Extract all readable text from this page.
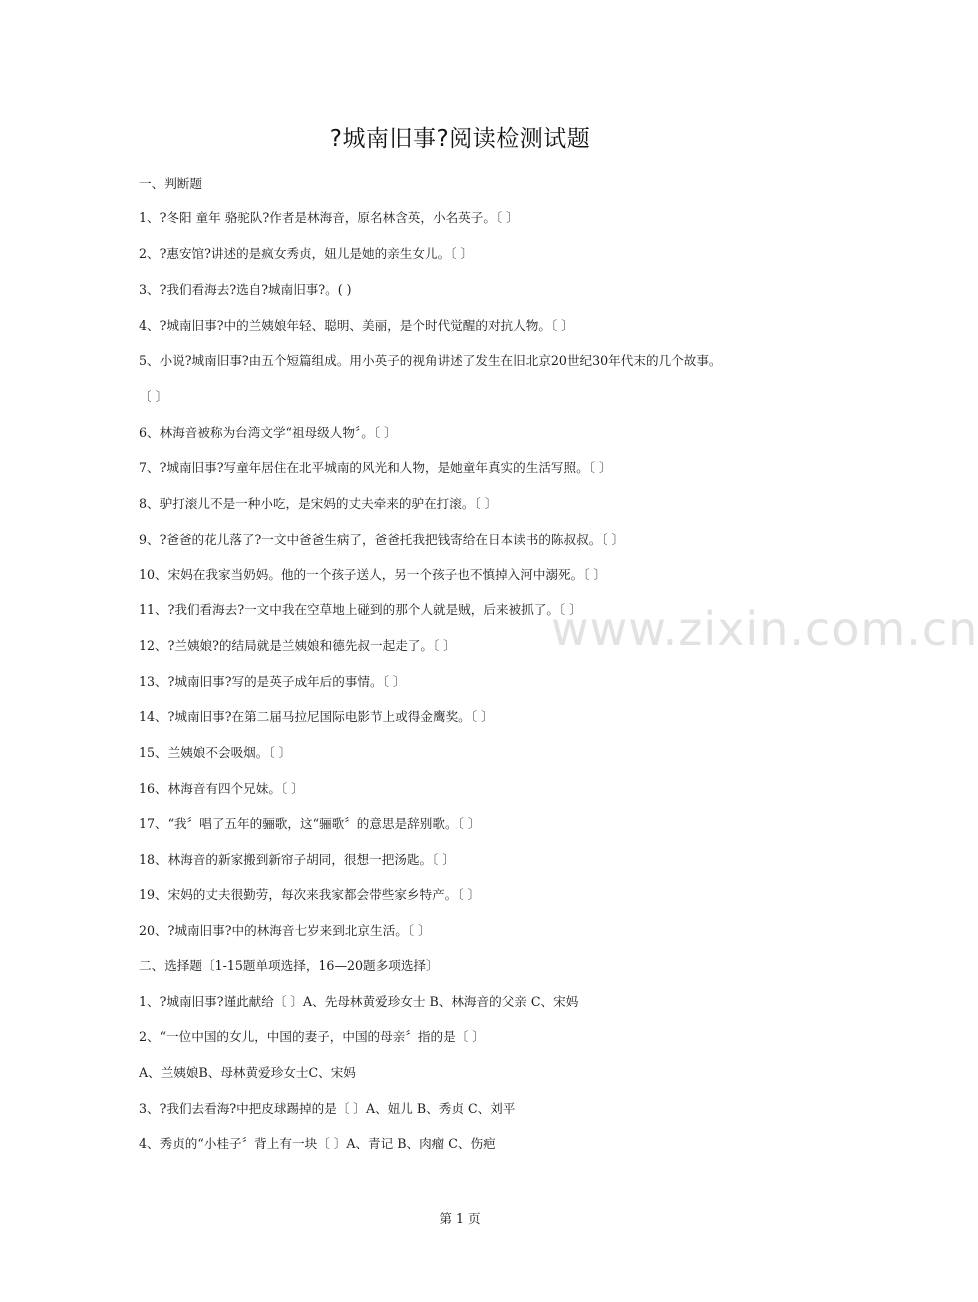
?城南旧事?阅读检测试题
一、判断题
1、?冬阳 童年 骆驼队?作者是林海音，原名林含英，小名英子。〔 〕
2、?惠安馆?讲述的是疯女秀贞，妞儿是她的亲生女儿。〔 〕
3、?我们看海去?选自?城南旧事?。( )
4、?城南旧事?中的兰姨娘年轻、聪明、美丽，是个时代觉醒的对抗人物。〔 〕
5、小说?城南旧事?由五个短篇组成。用小英子的视角讲述了发生在旧北京20世纪30年代末的几个故事。
〔 〕
6、林海音被称为台湾文学“祖母级人物〞。〔 〕
7、?城南旧事?写童年居住在北平城南的风光和人物，是她童年真实的生活写照。〔 〕
8、驴打滚儿不是一种小吃，是宋妈的丈夫牵来的驴在打滚。〔 〕
9、?爸爸的花儿落了?一文中爸爸生病了，爸爸托我把钱寄给在日本读书的陈叔叔。〔 〕
10、宋妈在我家当奶妈。他的一个孩子送人，另一个孩子也不慎掉入河中溺死。〔 〕
11、?我们看海去?一文中我在空草地上碰到的那个人就是贼，后来被抓了。〔 〕
12、?兰姨娘?的结局就是兰姨娘和德先叔一起走了。〔 〕
13、?城南旧事?写的是英子成年后的事情。〔 〕
14、?城南旧事?在第二届马拉尼国际电影节上或得金鹰奖。〔 〕
15、兰姨娘不会吸烟。〔 〕
16、林海音有四个兄妹。〔 〕
17、“我〞唱了五年的骊歌，这“骊歌〞的意思是辞别歌。〔 〕
18、林海音的新家搬到新帘子胡同，很想一把汤匙。〔 〕
19、宋妈的丈夫很勤劳，每次来我家都会带些家乡特产。〔 〕
20、?城南旧事?中的林海音七岁来到北京生活。〔 〕
二、选择题〔1-15题单项选择，16—20题多项选择〕
1、?城南旧事?谨此献给〔 〕A、先母林黄爱珍女士 B、林海音的父亲 C、宋妈
2、“一位中国的女儿，中国的妻子，中国的母亲〞指的是〔 〕
A、兰姨娘B、母林黄爱珍女士C、宋妈
3、?我们去看海?中把皮球踢掉的是〔 〕A、妞儿 B、秀贞 C、刘平
4、秀贞的“小桂子〞背上有一块〔 〕A、青记 B、肉瘤 C、伤疤
www.zixin.com.cn
第 1 页
